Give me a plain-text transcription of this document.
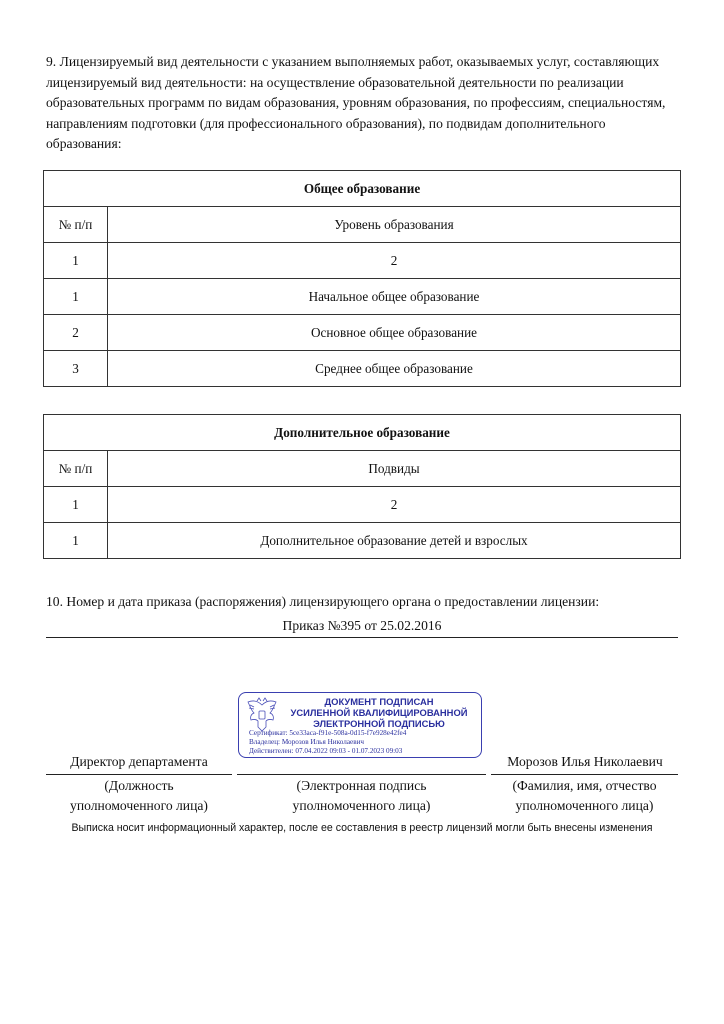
9. Лицензируемый вид деятельности с указанием выполняемых работ, оказываемых услуг, составляющих лицензируемый вид деятельности: на осуществление образовательной деятельности по реализации образовательных программ по видам образования, уровням образования, по профессиям, специальностям, направлениям подготовки (для профессионального образования), по подвидам дополнительного образования:
Общее образование	
№ п/п	Уровень образования
1	2
1	Начальное общее образование
2	Основное общее образование
3	Среднее общее образование
Дополнительное образование	
№ п/п	Подвиды
1	2
1	Дополнительное образование детей и взрослых
10. Номер и дата приказа (распоряжения) лицензирующего органа о предоставлении лицензии:
Приказ №395 от 25.02.2016
ДОКУМЕНТ ПОДПИСАН
УСИЛЕННОЙ КВАЛИФИЦИРОВАННОЙ
ЭЛЕКТРОННОЙ ПОДПИСЬЮ
Сертификат: 5ce33aca-f91e-508a-0d15-f7e928e42fe4
Владелец: Морозов Илья Николаевич
Действителен: 07.04.2022 09:03 - 01.07.2023 09:03
Директор департамента	Морозов Илья Николаевич
(Должность
уполномоченного лица)
(Электронная подпись
уполномоченного лица)
(Фамилия, имя, отчество
уполномоченного лица)
Выписка носит информационный характер, после ее составления в реестр лицензий могли быть внесены изменения
